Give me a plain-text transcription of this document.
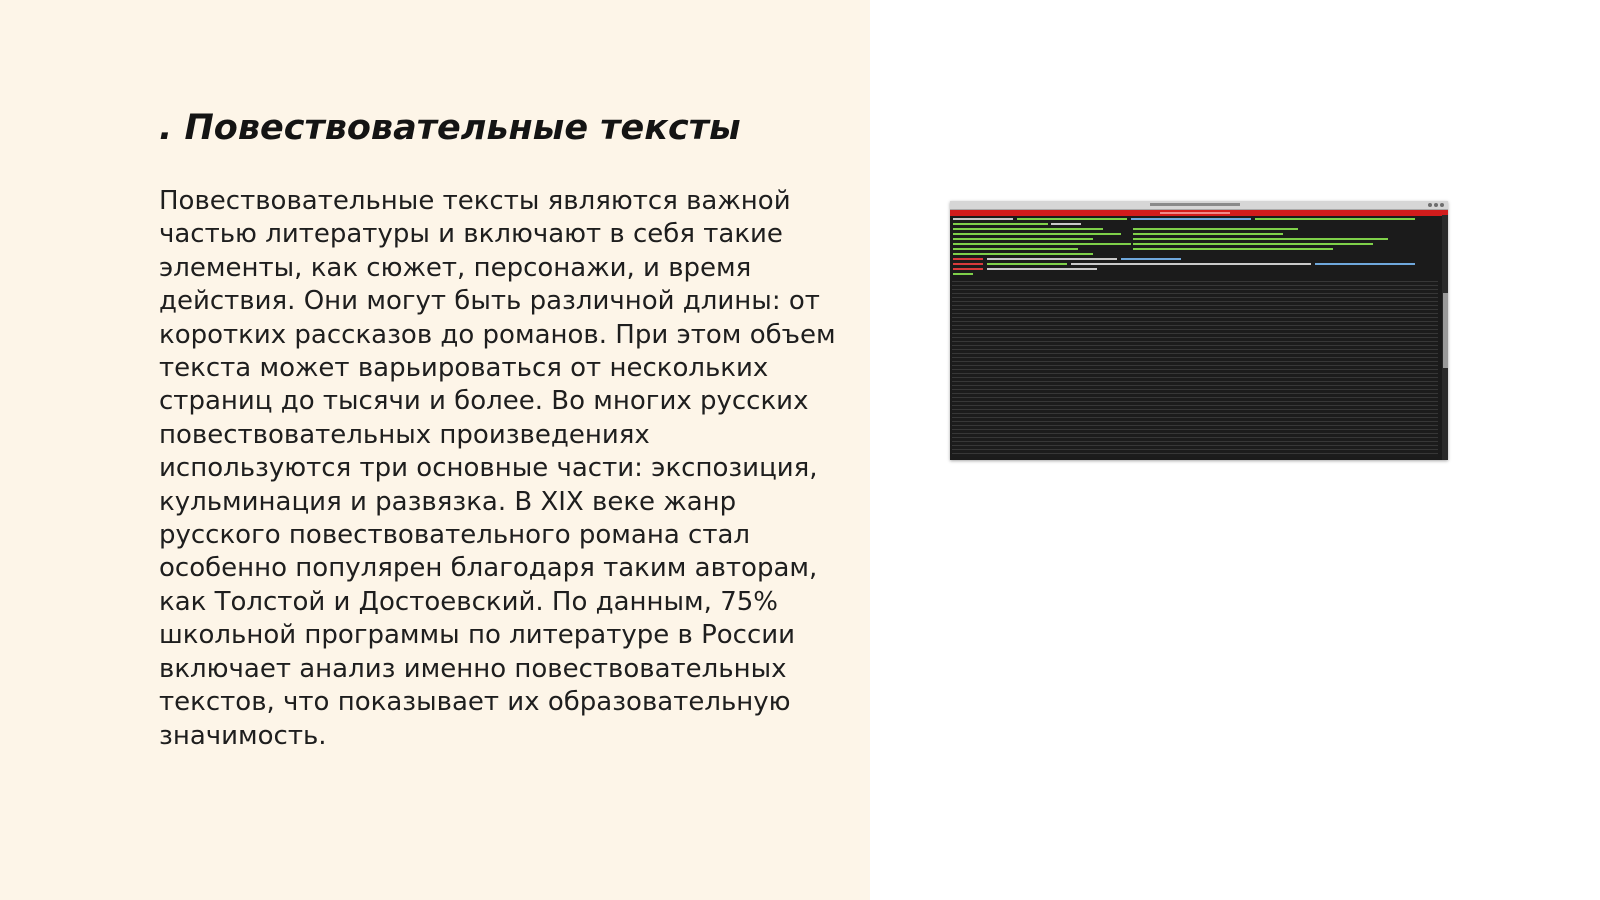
. Повествовательные тексты

Повествовательные тексты являются важной частью литературы и включают в себя такие элементы, как сюжет, персонажи, и время действия. Они могут быть различной длины: от коротких рассказов до романов. При этом объем текста может варьироваться от нескольких страниц до тысячи и более. Во многих русских повествовательных произведениях используются три основные части: экспозиция, кульминация и развязка. В XIX веке жанр русского повествовательного романа стал особенно популярен благодаря таким авторам, как Толстой и Достоевский. По данным, 75% школьной программы по литературе в России включает анализ именно повествовательных текстов, что показывает их образовательную значимость.
